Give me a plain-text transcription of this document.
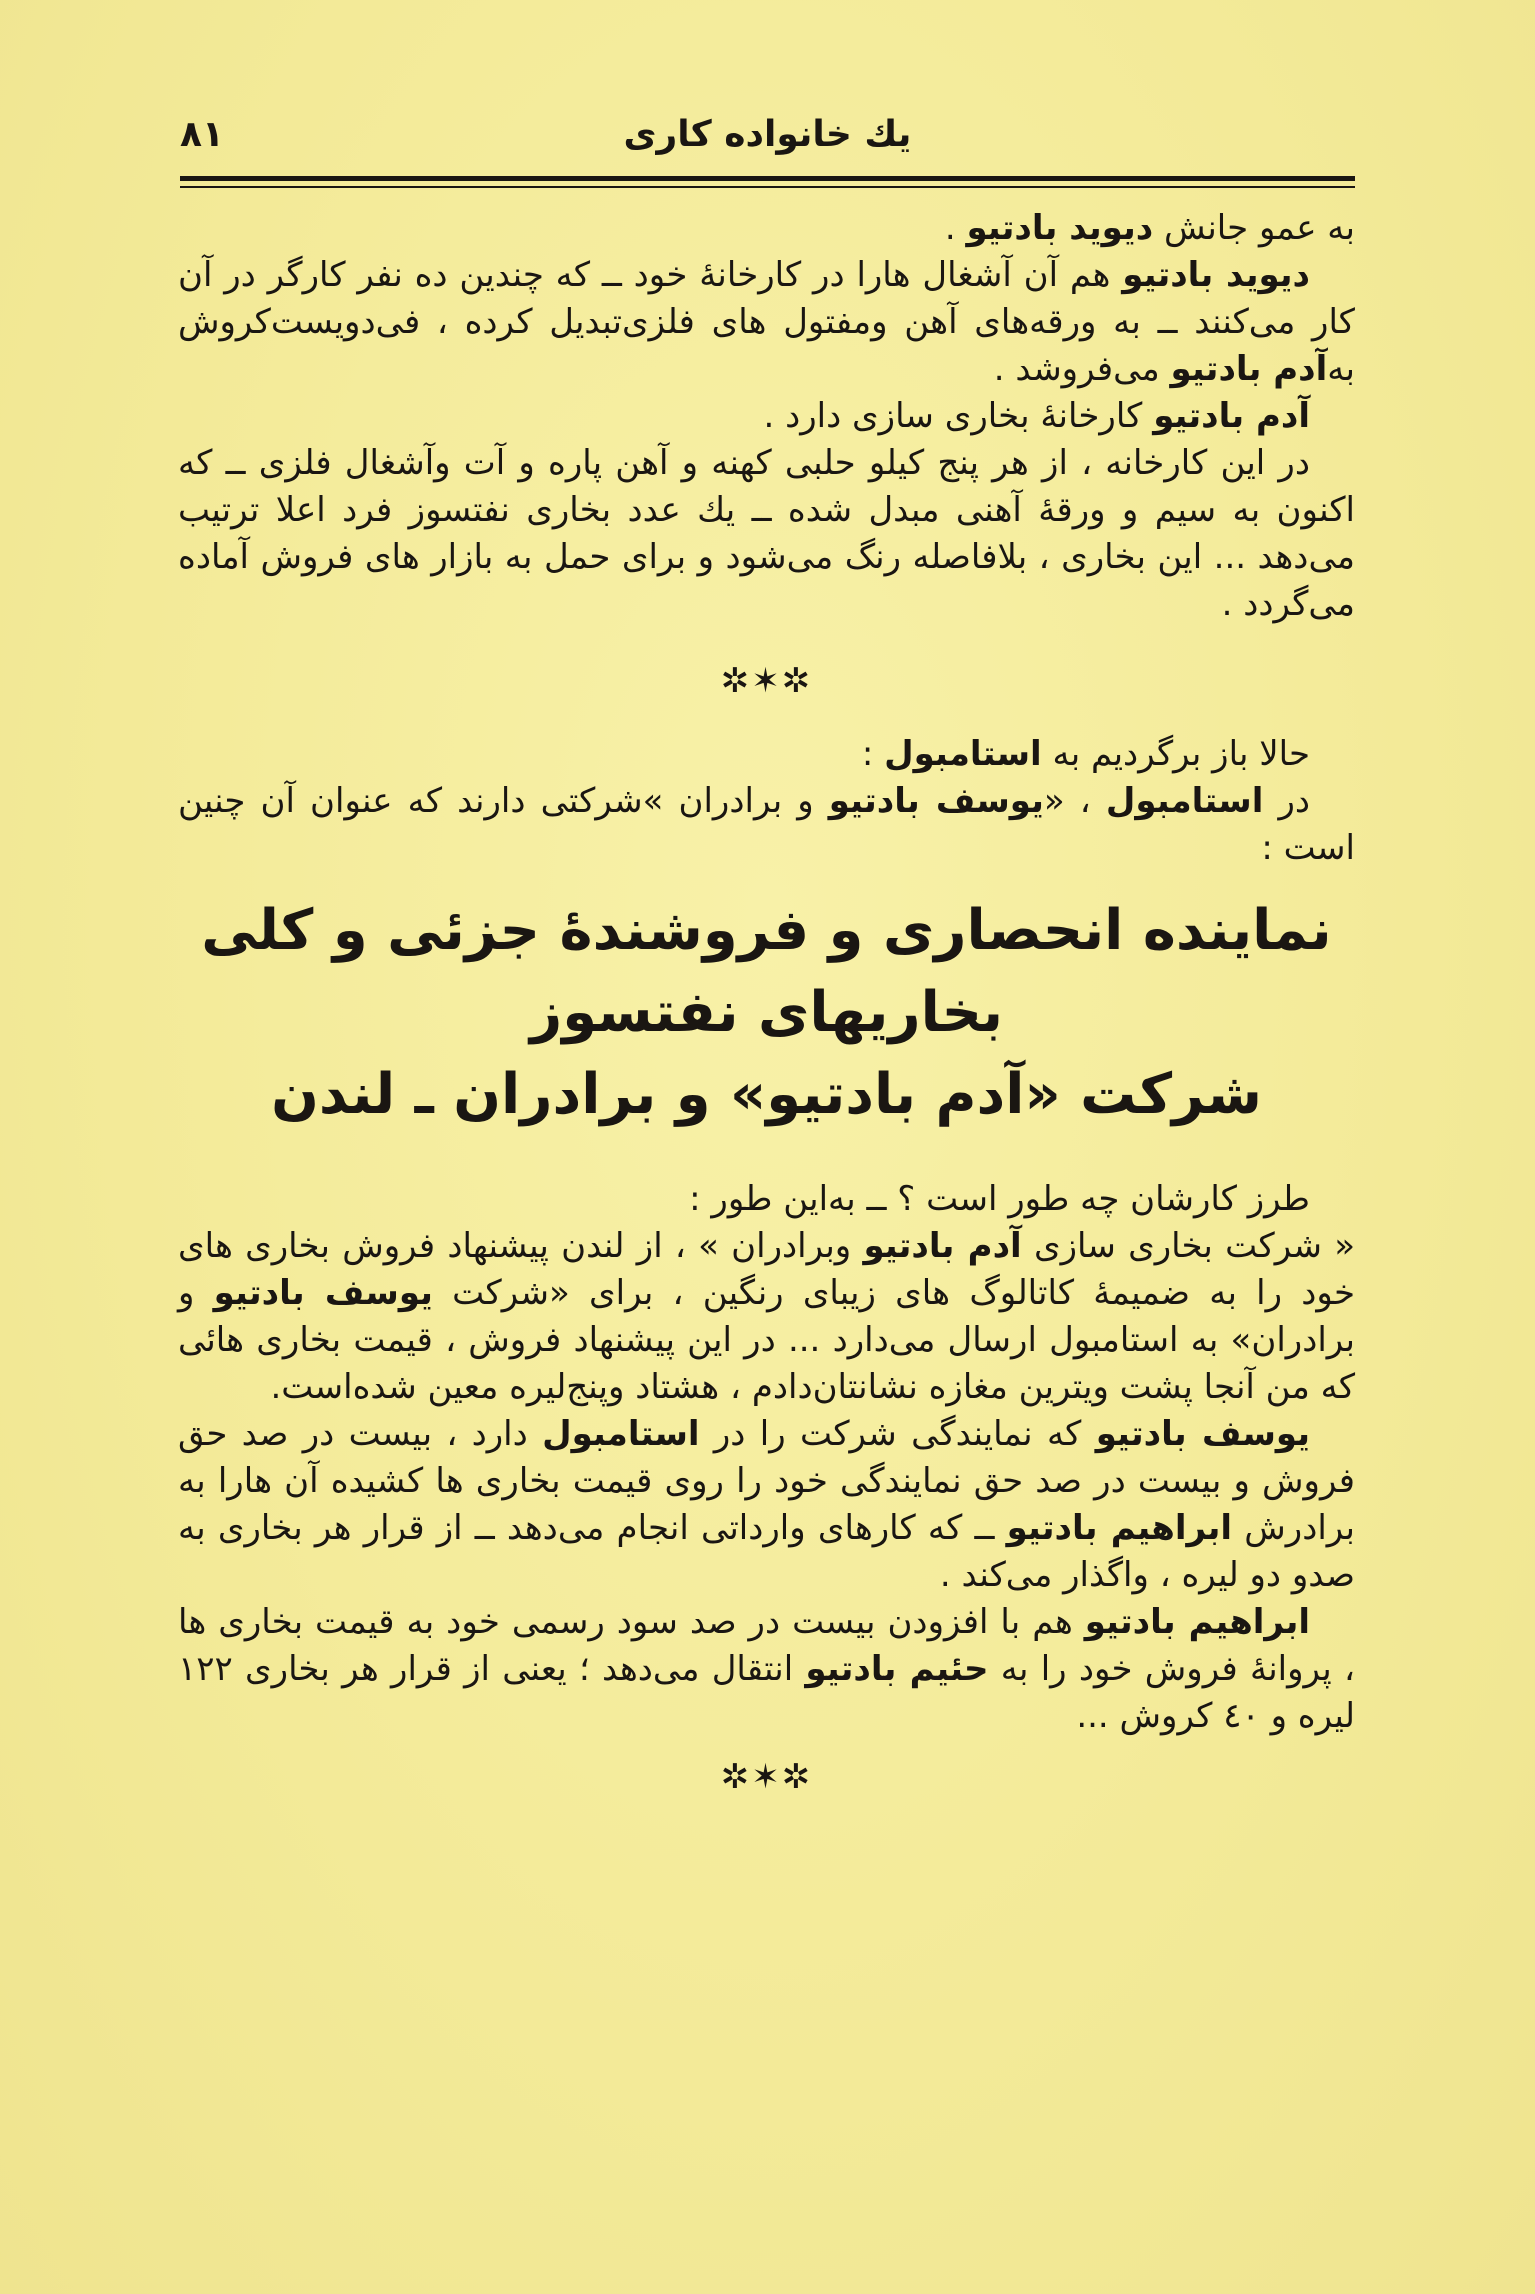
۸۱	یك خانواده کاری

به عمو جانش دیوید بادتیو .

دیوید بادتیو هم آن آشغال هارا در کارخانهٔ خود ــ که چندین ده نفر کارگر در آن کار می‌کنند ــ به ورقه‌های آهن ومفتول های فلزی‌تبدیل کرده ، فی‌دویست‌کروش به‌آدم بادتیو می‌فروشد .

آدم بادتیو کارخانهٔ بخاری سازی دارد .

در این کارخانه ، از هر پنج کیلو حلبی کهنه و آهن پاره و آت وآشغال فلزی ــ که اکنون به سیم و ورقهٔ آهنی مبدل شده ــ یك عدد بخاری نفتسوز فرد اعلا ترتیب می‌دهد ... این بخاری ، بلافاصله رنگ می‌شود و برای حمل به بازار های فروش آماده می‌گردد .

✲✶✲

حالا باز برگردیم به استامبول :

در استامبول ، «یوسف بادتیو و برادران »شرکتی دارند که عنوان آن چنین است :

نماینده انحصاری و فروشندهٔ جزئی و کلی

بخاریهای نفتسوز

شرکت «آدم بادتیو» و برادران ـ لندن

طرز کارشان چه طور است ؟ ــ به‌این طور :

« شرکت بخاری سازی آدم بادتیو وبرادران » ، از لندن پیشنهاد فروش بخاری های خود را به ضمیمهٔ کاتالوگ های زیبای رنگین ، برای «شرکت یوسف بادتیو و برادران» به استامبول ارسال می‌دارد ... در این پیشنهاد فروش ، قیمت بخاری هائی که من آنجا پشت ویترین مغازه نشانتان‌دادم ، هشتاد وپنج‌لیره معین شده‌است.

یوسف بادتیو که نمایندگی شرکت را در استامبول دارد ، بیست در صد حق فروش و بیست در صد حق نمایندگی خود را روی قیمت بخاری ها کشیده آن هارا به برادرش ابراهیم بادتیو ــ که کارهای وارداتی انجام می‌دهد ــ از قرار هر بخاری به صدو دو لیره ، واگذار می‌کند .

ابراهیم بادتیو هم با افزودن بیست در صد سود رسمی خود به قیمت بخاری ها ، پروانهٔ فروش خود را به حئیم بادتیو انتقال می‌دهد ؛ یعنی از قرار هر بخاری ۱۲۲ لیره و ٤٠ کروش ...

✲✶✲
